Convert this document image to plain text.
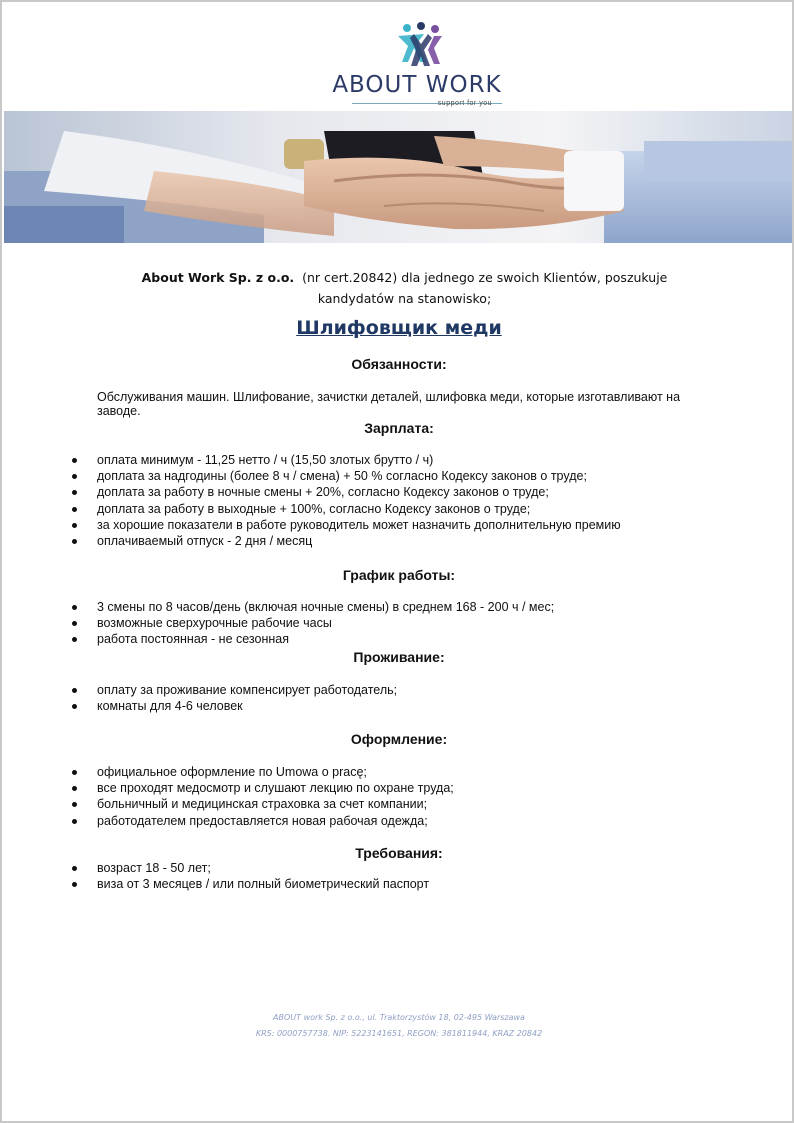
ABOUT WORK
support for you
About Work Sp. z o.o. (nr cert.20842) dla jednego ze swoich Klientów, poszukuje kandydatów na stanowisko;
Шлифовщик меди
Обязанности:
Обслуживания машин. Шлифование, зачистки деталей, шлифовка меди, которые изготавливают на заводе.
Зарплата:
оплата минимум - 11,25 нетто / ч (15,50 злотых брутто / ч)
доплата за надгодины (более 8 ч / смена) + 50 % согласно Кодексу законов о труде;
доплата за работу в ночные смены + 20%, согласно Кодексу законов о труде;
доплата за работу в выходные + 100%, согласно Кодексу законов о труде;
за хорошие показатели в работе руководитель может назначить дополнительную премию
оплачиваемый отпуск - 2 дня / месяц
График работы:
3 смены по 8 часов/день (включая ночные смены) в среднем 168 - 200 ч / мес;
возможные сверхурочные рабочие часы
работа постоянная - не сезонная
Проживание:
оплату за проживание компенсирует работодатель;
комнаты для 4-6 человек
Оформление:
официальное оформление по Umowa o pracę;
все проходят медосмотр и слушают лекцию по охране труда;
больничный и медицинская страховка за счет компании;
работодателем предоставляется новая рабочая одежда;
Требования:
возраст 18 - 50 лет;
виза от 3 месяцев / или полный биометрический паспорт
ABOUT work Sp. z o.o., ul. Traktorzystów 18, 02-495 Warszawa
KRS: 0000757738. NIP: 5223141651, REGON: 381811944, KRAZ 20842
